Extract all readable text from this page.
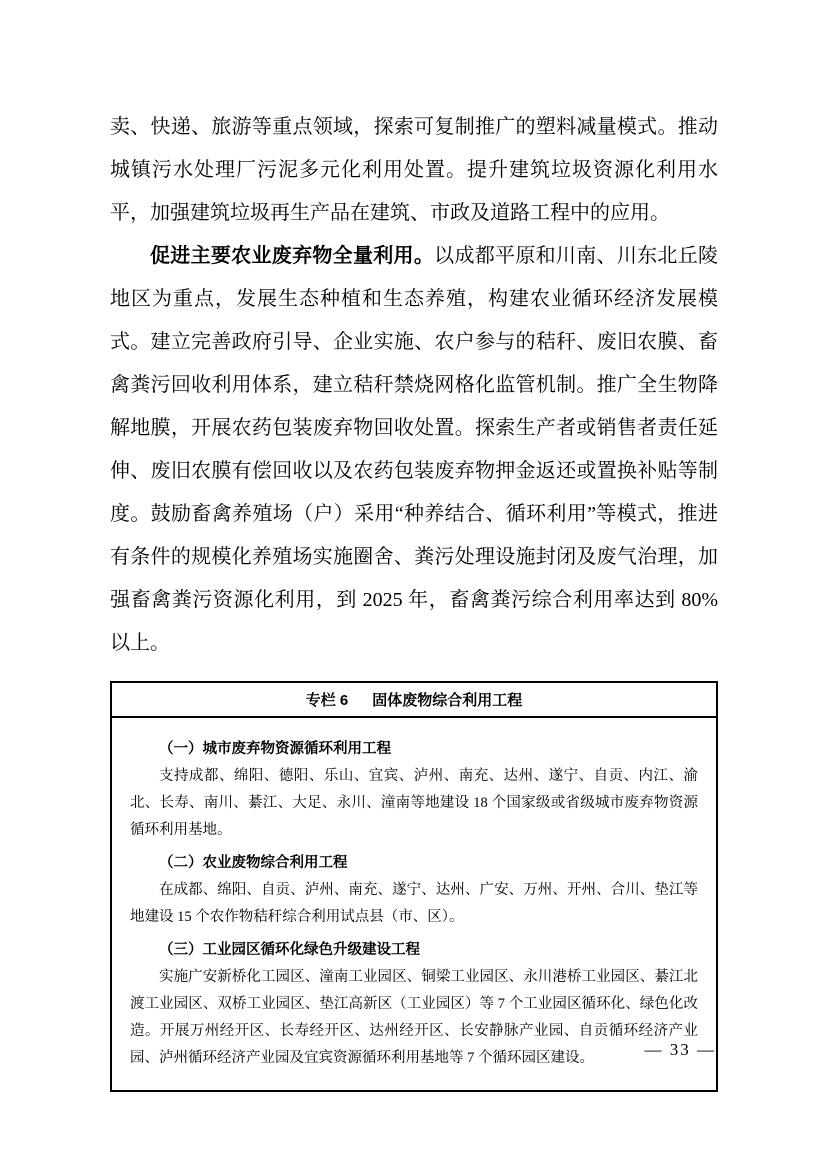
卖、快递、旅游等重点领域，探索可复制推广的塑料减量模式。推动城镇污水处理厂污泥多元化利用处置。提升建筑垃圾资源化利用水平，加强建筑垃圾再生产品在建筑、市政及道路工程中的应用。

促进主要农业废弃物全量利用。以成都平原和川南、川东北丘陵地区为重点，发展生态种植和生态养殖，构建农业循环经济发展模式。建立完善政府引导、企业实施、农户参与的秸秆、废旧农膜、畜禽粪污回收利用体系，建立秸秆禁烧网格化监管机制。推广全生物降解地膜，开展农药包装废弃物回收处置。探索生产者或销售者责任延伸、废旧农膜有偿回收以及农药包装废弃物押金返还或置换补贴等制度。鼓励畜禽养殖场（户）采用“种养结合、循环利用”等模式，推进有条件的规模化养殖场实施圈舍、粪污处理设施封闭及废气治理，加强畜禽粪污资源化利用，到 2025 年，畜禽粪污综合利用率达到 80%以上。

专栏 6 固体废物综合利用工程

（一）城市废弃物资源循环利用工程

支持成都、绵阳、德阳、乐山、宜宾、泸州、南充、达州、遂宁、自贡、内江、渝北、长寿、南川、綦江、大足、永川、潼南等地建设 18 个国家级或省级城市废弃物资源循环利用基地。

（二）农业废物综合利用工程

在成都、绵阳、自贡、泸州、南充、遂宁、达州、广安、万州、开州、合川、垫江等地建设 15 个农作物秸秆综合利用试点县（市、区）。

（三）工业园区循环化绿色升级建设工程

实施广安新桥化工园区、潼南工业园区、铜梁工业园区、永川港桥工业园区、綦江北渡工业园区、双桥工业园区、垫江高新区（工业园区）等 7 个工业园区循环化、绿色化改造。开展万州经开区、长寿经开区、达州经开区、长安静脉产业园、自贡循环经济产业园、泸州循环经济产业园及宜宾资源循环利用基地等 7 个循环园区建设。	— 33 —
